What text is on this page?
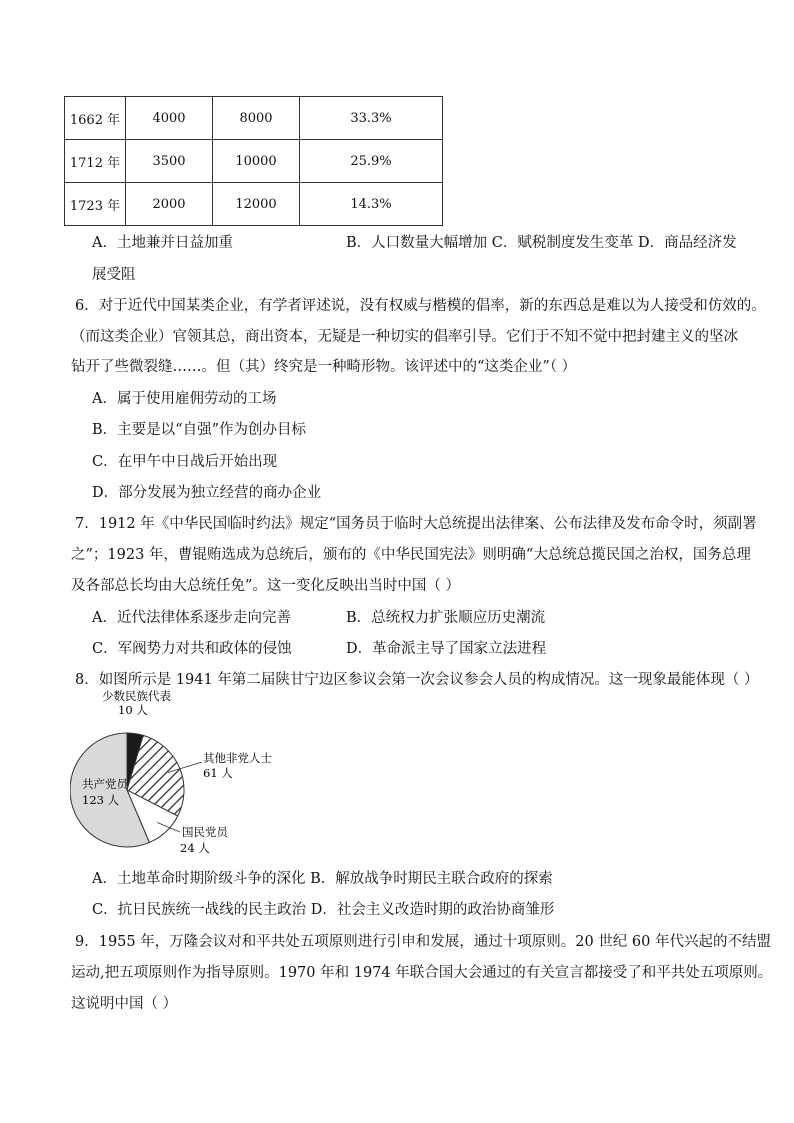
1662 年	4000	8000	33.3%
1712 年	3500	10000	25.9%
1723 年	2000	12000	14.3%
A．土地兼并日益加重	B．人口数量大幅增加 C．赋税制度发生变革 D．商品经济发
展受阻
6．对于近代中国某类企业，有学者评述说，没有权威与楷模的倡率，新的东西总是难以为人接受和仿效的。
（而这类企业）官领其总，商出资本，无疑是一种切实的倡率引导。它们于不知不觉中把封建主义的坚冰
钻开了些微裂缝……。但（其）终究是一种畸形物。该评述中的“这类企业”（ ）
A．属于使用雇佣劳动的工场
B．主要是以“自强”作为创办目标
C．在甲午中日战后开始出现
D．部分发展为独立经营的商办企业
7．1912 年《中华民国临时约法》规定“国务员于临时大总统提出法律案、公布法律及发布命令时，须副署
之”；1923 年，曹锟贿选成为总统后，颁布的《中华民国宪法》则明确“大总统总揽民国之治权，国务总理
及各部总长均由大总统任免”。这一变化反映出当时中国（ ）
A．近代法律体系逐步走向完善	B．总统权力扩张顺应历史潮流
C．军阀势力对共和政体的侵蚀	D．革命派主导了国家立法进程
8．如图所示是 1941 年第二届陕甘宁边区参议会第一次会议参会人员的构成情况。这一现象最能体现（ ）
少数民族代表
10 人
其他非党人士
61 人
国民党员
24 人
共产党员
123 人
A．土地革命时期阶级斗争的深化 B．解放战争时期民主联合政府的探索
C．抗日民族统一战线的民主政治 D．社会主义改造时期的政治协商雏形
9．1955 年，万隆会议对和平共处五项原则进行引申和发展，通过十项原则。20 世纪 60 年代兴起的不结盟
运动,把五项原则作为指导原则。1970 年和 1974 年联合国大会通过的有关宣言都接受了和平共处五项原则。
这说明中国（ ）
